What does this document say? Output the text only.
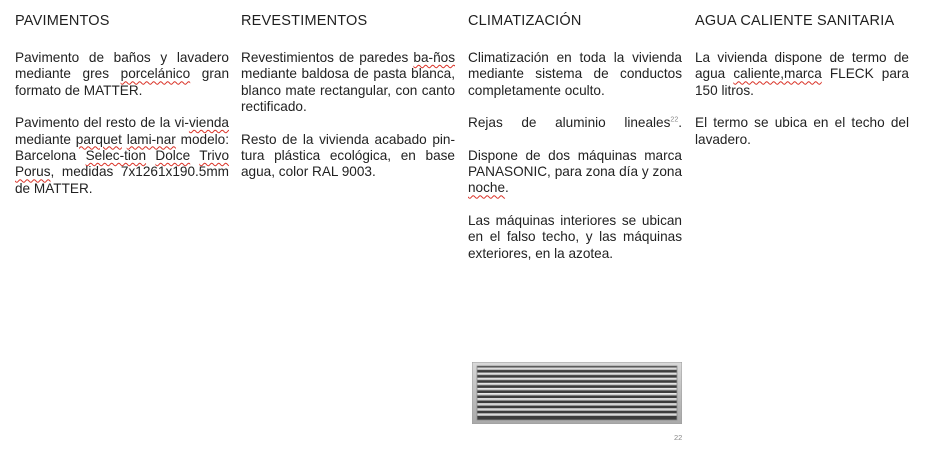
PAVIMENTOS

Pavimento de baños y lavadero mediante gres porcelánico gran formato de MATTER.

Pavimento del resto de la vi-vienda mediante parquet lami-nar modelo: Barcelona Selec-tion Dolce Trivo Porus, medidas 7x1261x190.5mm de MATTER.

REVESTIMENTOS

Revestimientos de paredes ba-ños mediante baldosa de pasta blanca, blanco mate rectangular, con canto rectificado.

Resto de la vivienda acabado pin-tura plástica ecológica, en base agua, color RAL 9003.

CLIMATIZACIÓN

Climatización en toda la vivienda mediante sistema de conductos completamente oculto.

Rejas de aluminio lineales$^{22}$.

Dispone de dos máquinas marca PANASONIC, para zona día y zona noche.

Las máquinas interiores se ubican en el falso techo, y las máquinas exteriores, en la azotea.

AGUA CALIENTE SANITARIA

La vivienda dispone de termo de agua caliente,marca FLECK para 150 litros.

El termo se ubica en el techo del lavadero.

22
